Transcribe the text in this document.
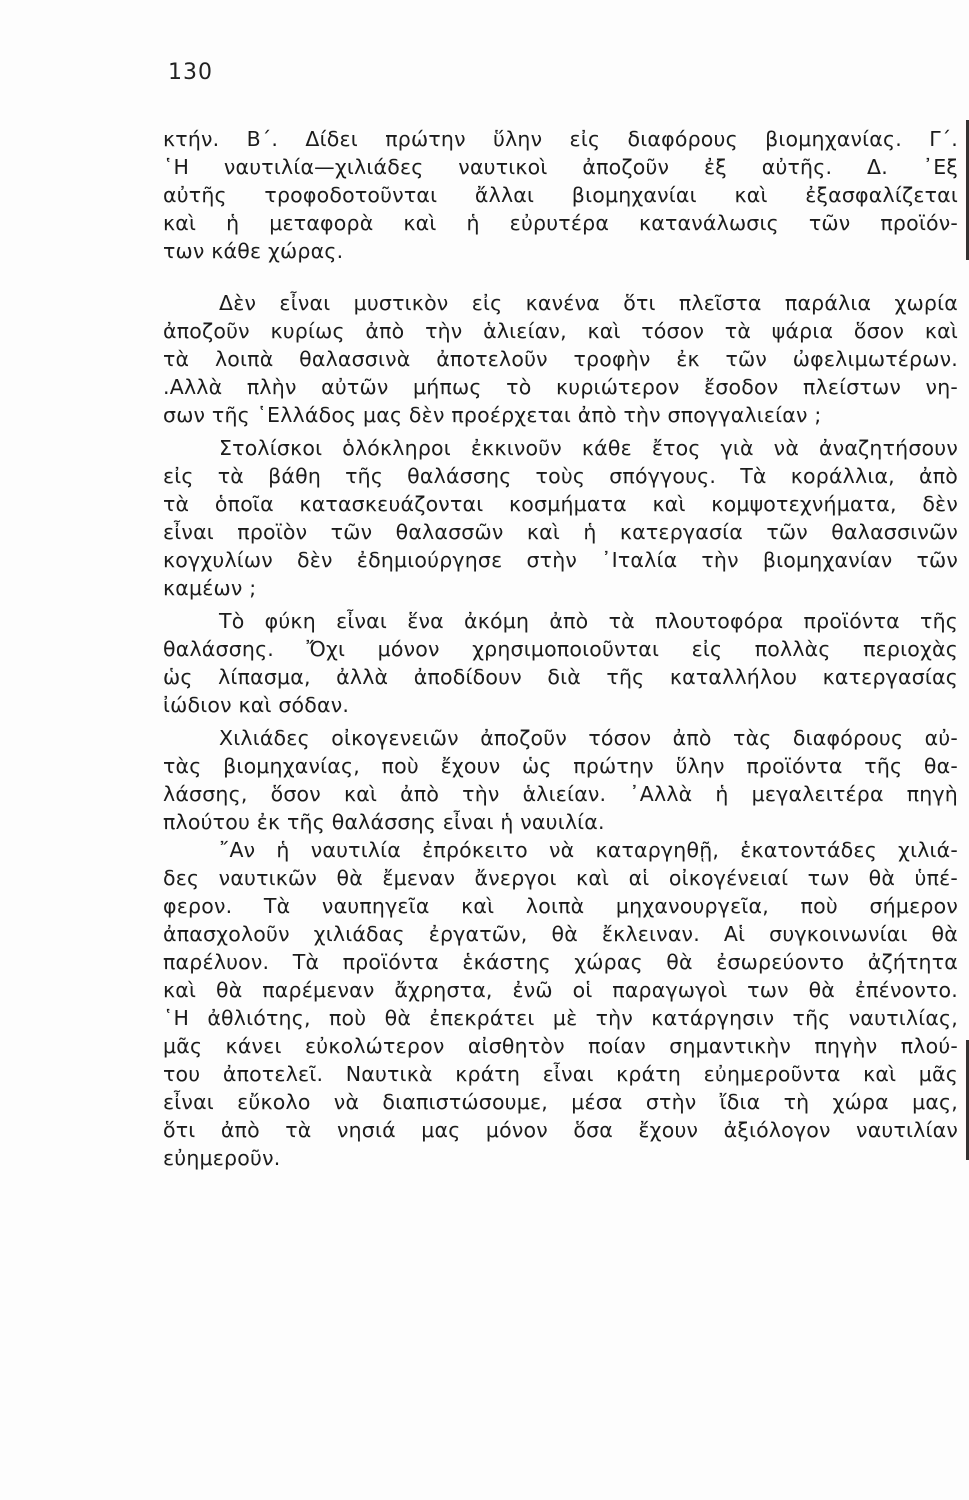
130
κτήν. Β΄. Δίδει πρώτην ὕλην εἰς διαφόρους βιομηχανίας. Γ΄.
῾Η ναυτιλία—χιλιάδες ναυτικοὶ ἀποζοῦν ἐξ αὐτῆς. Δ. ᾽Εξ
αὐτῆς τροφοδοτοῦνται ἄλλαι βιομηχανίαι καὶ ἐξασφαλίζεται
καὶ ἡ μεταφορὰ καὶ ἡ εὐρυτέρα κατανάλωσις τῶν προϊόν-
των κάθε χώρας.
Δὲν εἶναι μυστικὸν εἰς κανένα ὅτι πλεῖστα παράλια χωρία
ἀποζοῦν κυρίως ἀπὸ τὴν ἁλιείαν, καὶ τόσον τὰ ψάρια ὅσον καὶ
τὰ λοιπὰ θαλασσινὰ ἀποτελοῦν τροφὴν ἐκ τῶν ὠφελιμωτέρων.
.Αλλὰ πλὴν αὐτῶν μήπως τὸ κυριώτερον ἔσοδον πλείστων νη-
σων τῆς ῾Ελλάδος μας δὲν προέρχεται ἀπὸ τὴν σπογγαλιείαν ;
Στολίσκοι ὁλόκληροι ἐκκινοῦν κάθε ἔτος γιὰ νὰ ἀναζητήσουν
εἰς τὰ βάθη τῆς θαλάσσης τοὺς σπόγγους. Τὰ κοράλλια, ἀπὸ
τὰ ὁποῖα κατασκευάζονται κοσμήματα καὶ κομψοτεχνήματα, δὲν
εἶναι προϊὸν τῶν θαλασσῶν καὶ ἡ κατεργασία τῶν θαλασσινῶν
κογχυλίων δὲν ἐδημιούργησε στὴν ᾽Ιταλία τὴν βιομηχανίαν τῶν
καμέων ;
Τὸ φύκη εἶναι ἕνα ἀκόμη ἀπὸ τὰ πλουτοφόρα προϊόντα τῆς
θαλάσσης. Ὄχι μόνον χρησιμοποιοῦνται εἰς πολλὰς περιοχὰς
ὡς λίπασμα, ἀλλὰ ἀποδίδουν διὰ τῆς καταλλήλου κατεργασίας
ἰώδιον καὶ σόδαν.
Χιλιάδες οἰκογενειῶν ἀποζοῦν τόσον ἀπὸ τὰς διαφόρους αὐ-
τὰς βιομηχανίας, ποὺ ἔχουν ὡς πρώτην ὕλην προϊόντα τῆς θα-
λάσσης, ὅσον καὶ ἀπὸ τὴν ἁλιείαν. ᾽Αλλὰ ἡ μεγαλειτέρα πηγὴ
πλούτου ἐκ τῆς θαλάσσης εἶναι ἡ ναυιλία.
῎Αν ἡ ναυτιλία ἐπρόκειτο νὰ καταργηθῇ, ἑκατοντάδες χιλιά-
δες ναυτικῶν θὰ ἔμεναν ἄνεργοι καὶ αἱ οἰκογένειαί των θὰ ὑπέ-
φερον. Τὰ ναυπηγεῖα καὶ λοιπὰ μηχανουργεῖα, ποὺ σήμερον
ἀπασχολοῦν χιλιάδας ἐργατῶν, θὰ ἔκλειναν. Αἱ συγκοινωνίαι θὰ
παρέλυον. Τὰ προϊόντα ἑκάστης χώρας θὰ ἐσωρεύοντο ἀζήτητα
καὶ θὰ παρέμεναν ἄχρηστα, ἐνῶ οἱ παραγωγοὶ των θὰ ἐπένοντο.
῾Η ἀθλιότης, ποὺ θὰ ἐπεκράτει μὲ τὴν κατάργησιν τῆς ναυτιλίας,
μᾶς κάνει εὐκολώτερον αἰσθητὸν ποίαν σημαντικὴν πηγὴν πλού-
του ἀποτελεῖ. Ναυτικὰ κράτη εἶναι κράτη εὐημεροῦντα καὶ μᾶς
εἶναι εὔκολο νὰ διαπιστώσουμε, μέσα στὴν ἴδια τὴ χώρα μας,
ὅτι ἀπὸ τὰ νησιά μας μόνον ὅσα ἔχουν ἀξιόλογον ναυτιλίαν
εὐημεροῦν.
